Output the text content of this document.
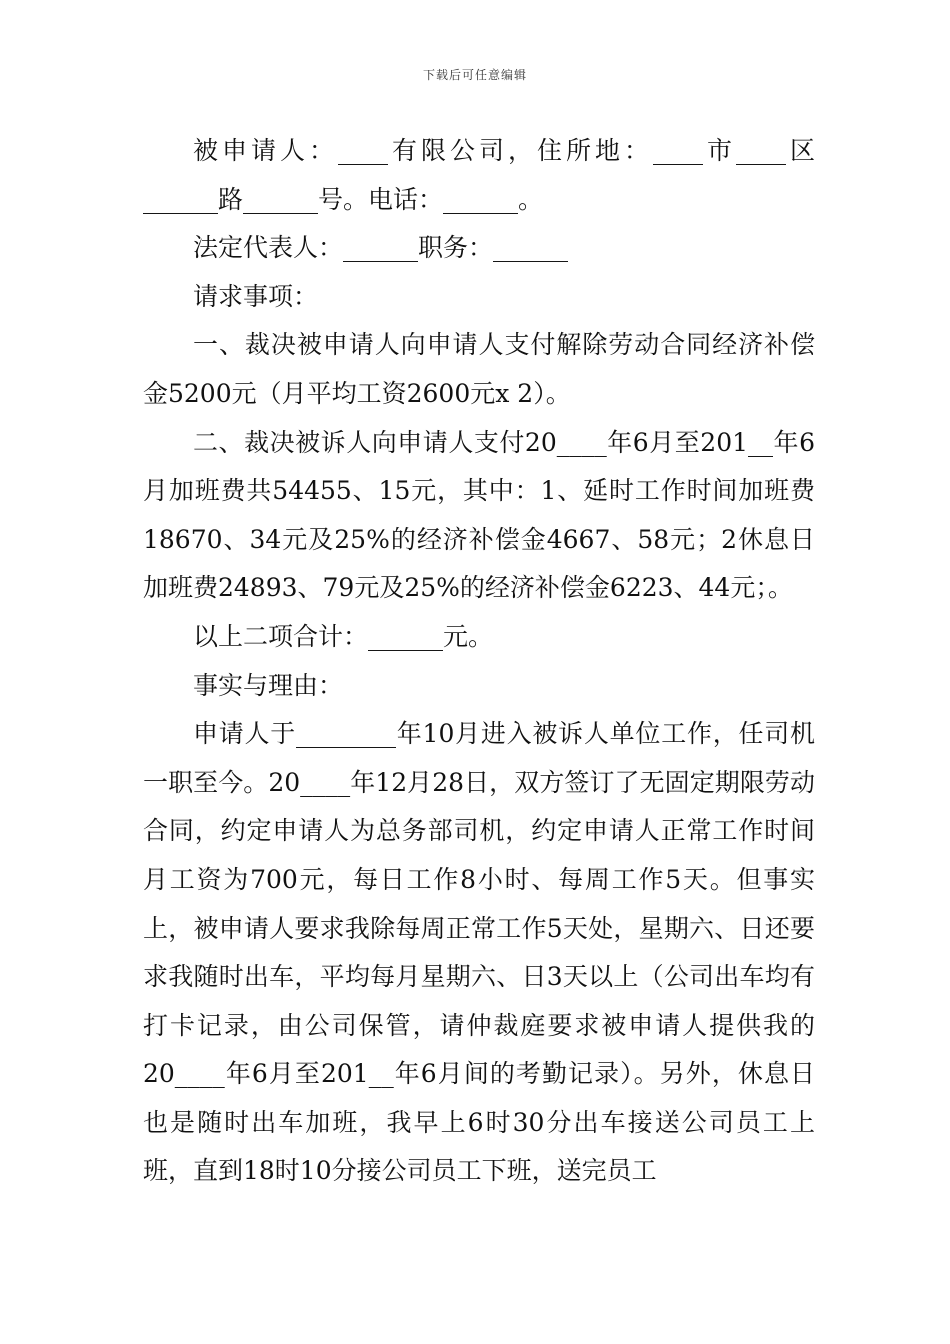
下载后可任意编辑

被申请人：____有限公司，住所地：____市____区______路______号。电话：______。

法定代表人：______职务：______

请求事项：

一、裁决被申请人向申请人支付解除劳动合同经济补偿金5200元（月平均工资2600元x 2）。

二、裁决被诉人向申请人支付20____年6月至201__年6月加班费共54455、15元，其中：1、延时工作时间加班费18670、34元及25%的经济补偿金4667、58元；2休息日加班费24893、79元及25%的经济补偿金6223、44元；。

以上二项合计：______元。

事实与理由：

申请人于________年10月进入被诉人单位工作，任司机一职至今。20____年12月28日，双方签订了无固定期限劳动合同，约定申请人为总务部司机，约定申请人正常工作时间月工资为700元，每日工作8小时、每周工作5天。但事实上，被申请人要求我除每周正常工作5天处，星期六、日还要求我随时出车，平均每月星期六、日3天以上（公司出车均有打卡记录，由公司保管，请仲裁庭要求被申请人提供我的20____年6月至201__年6月间的考勤记录）。另外，休息日也是随时出车加班，我早上6时30分出车接送公司员工上班，直到18时10分接公司员工下班，送完员工
